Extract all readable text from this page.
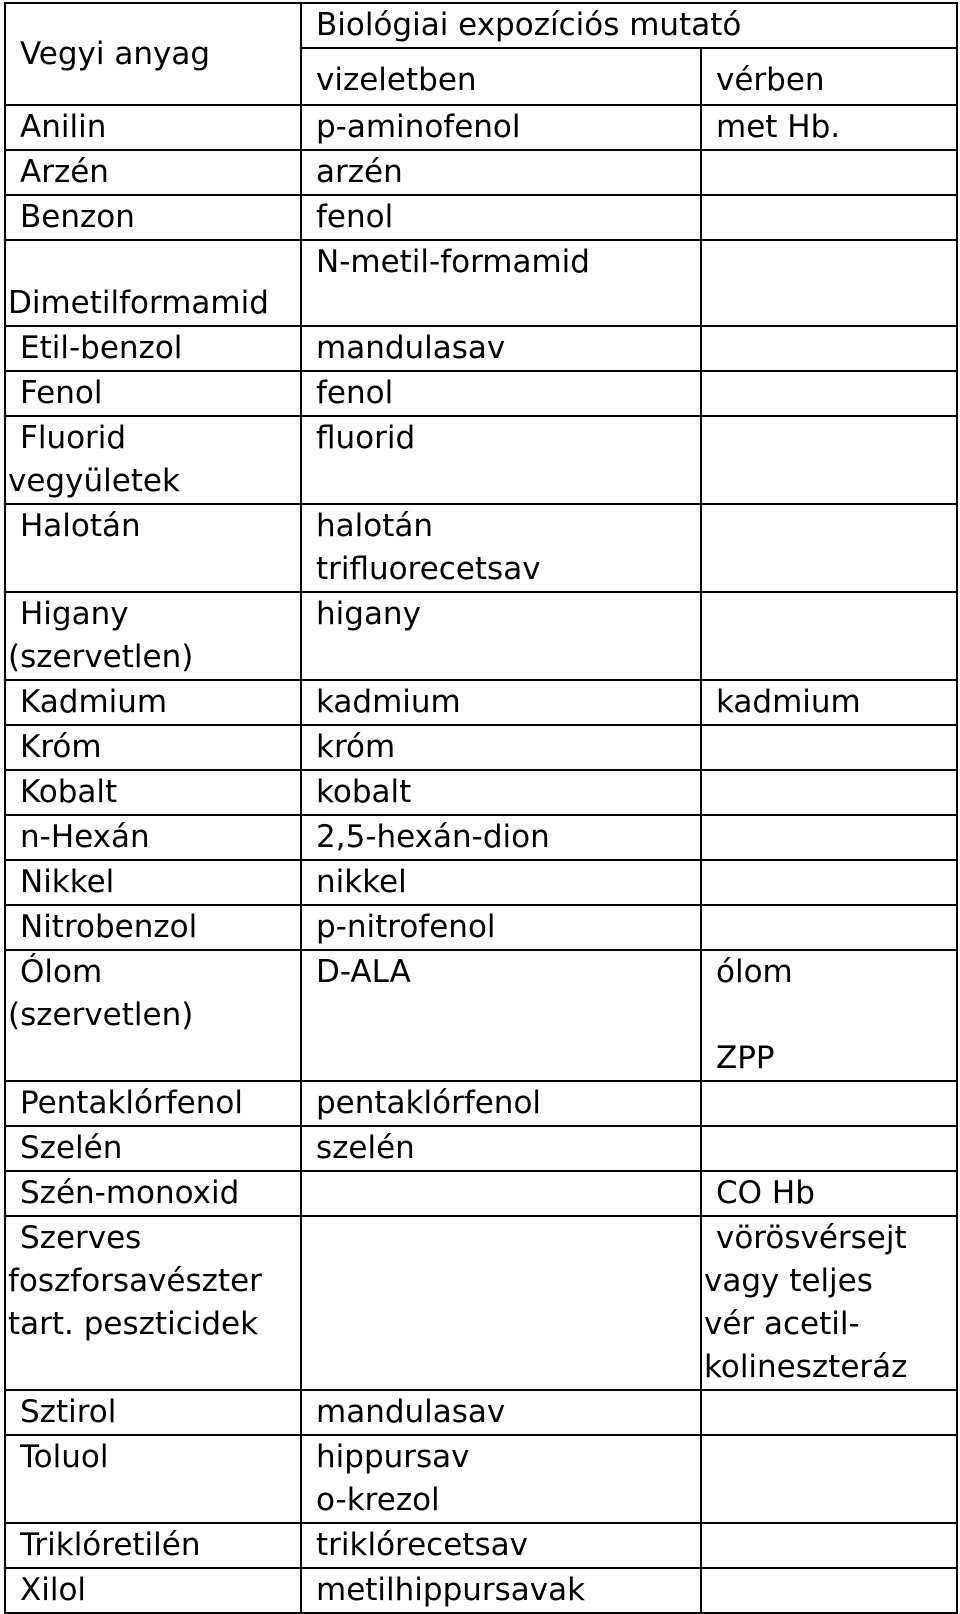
Vegyi anyag	Biológiai expozíciós mutató	
	vizeletben	vérben

Anilin	p-aminofenol	met Hb.

Arzén	arzén	

Benzon	fenol	

Dimetilformamid	N-metil-formamid	

Etil-benzol	mandulasav	

Fenol	fenol	

Fluorid
vegyületek	fluorid	

Halotán	halotán
trifluorecetsav	

Higany
(szervetlen)	higany	

Kadmium	kadmium	kadmium

Króm	króm	

Kobalt	kobalt	

n-Hexán	2,5-hexán-dion	

Nikkel	nikkel	

Nitrobenzol	p-nitrofenol	

Ólom
(szervetlen)	D-ALA	ólom
ZPP

Pentaklórfenol	pentaklórfenol	

Szelén	szelén	

Szén-monoxid		CO Hb

Szerves
foszforsavészter
tart. peszticidek		vörösvérsejt
vagy teljes
vér acetil-
kolineszteráz

Sztirol	mandulasav	

Toluol	hippursav
o-krezol	

Triklóretilén	triklórecetsav	

Xilol	metilhippursavak	
